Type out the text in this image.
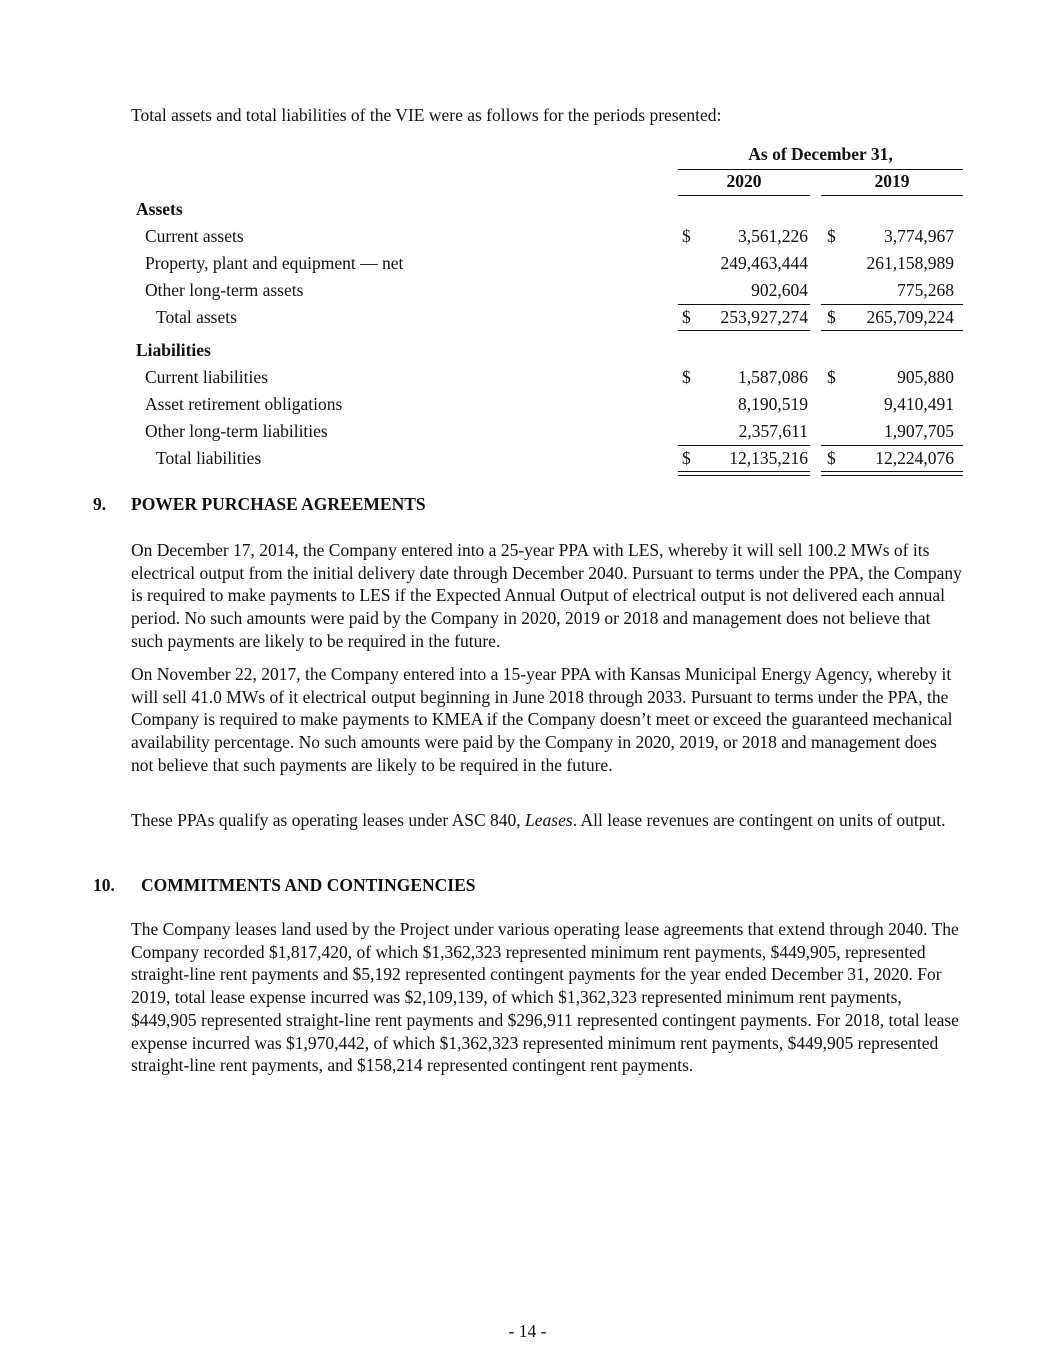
Total assets and total liabilities of the VIE were as follows for the periods presented:
As of December 31,
2020	2019
Assets
Current assets	$	3,561,226 $	3,774,967
Property, plant and equipment — net	249,463,444	261,158,989
Other long-term assets	902,604	775,268
Total assets	$	253,927,274 $	265,709,224
Liabilities
Current liabilities	$	1,587,086 $	905,880
Asset retirement obligations	8,190,519	9,410,491
Other long-term liabilities	2,357,611	1,907,705
Total liabilities	$	12,135,216 $	12,224,076
9. POWER PURCHASE AGREEMENTS
On December 17, 2014, the Company entered into a 25-year PPA with LES, whereby it will sell 100.2 MWs of its electrical output from the initial delivery date through December 2040. Pursuant to terms under the PPA, the Company is required to make payments to LES if the Expected Annual Output of electrical output is not delivered each annual period. No such amounts were paid by the Company in 2020, 2019 or 2018 and management does not believe that such payments are likely to be required in the future.
On November 22, 2017, the Company entered into a 15-year PPA with Kansas Municipal Energy Agency, whereby it will sell 41.0 MWs of it electrical output beginning in June 2018 through 2033. Pursuant to terms under the PPA, the Company is required to make payments to KMEA if the Company doesn’t meet or exceed the guaranteed mechanical availability percentage. No such amounts were paid by the Company in 2020, 2019, or 2018 and management does not believe that such payments are likely to be required in the future.
These PPAs qualify as operating leases under ASC 840, Leases. All lease revenues are contingent on units of output.
10. COMMITMENTS AND CONTINGENCIES
The Company leases land used by the Project under various operating lease agreements that extend through 2040. The Company recorded $1,817,420, of which $1,362,323 represented minimum rent payments, $449,905, represented straight-line rent payments and $5,192 represented contingent payments for the year ended December 31, 2020. For 2019, total lease expense incurred was $2,109,139, of which $1,362,323 represented minimum rent payments, $449,905 represented straight-line rent payments and $296,911 represented contingent payments. For 2018, total lease expense incurred was $1,970,442, of which $1,362,323 represented minimum rent payments, $449,905 represented straight-line rent payments, and $158,214 represented contingent rent payments.
- 14 -
